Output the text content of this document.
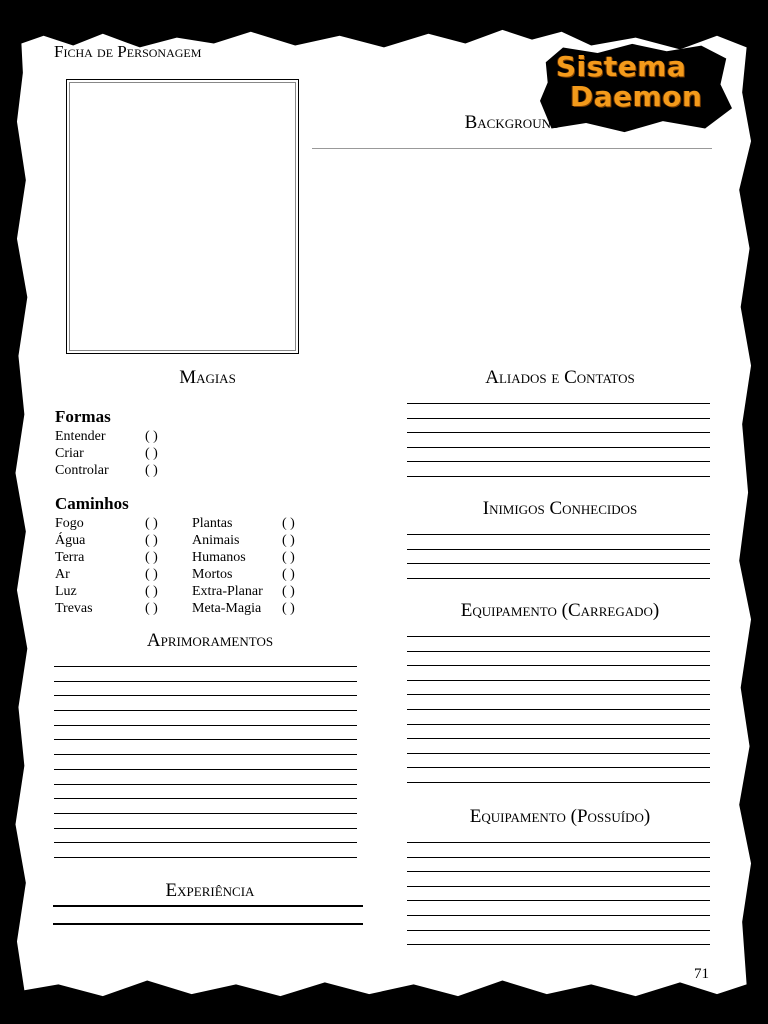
Ficha de Personagem	Sistema
Daemon
Background
Magias
Formas
Entender	( )
Criar	( )
Controlar	( )
Caminhos
Fogo	( ) Plantas	( )
Água	( ) Animais	( )
Terra	( ) Humanos	( )
Ar	( ) Mortos	( )
Luz	( ) Extra-Planar ( )
Trevas	( ) Meta-Magia ( )
Aprimoramentos
Experiência
Aliados e Contatos
Inimigos Conhecidos
Equipamento (Carregado)
Equipamento (Possuído)
71
